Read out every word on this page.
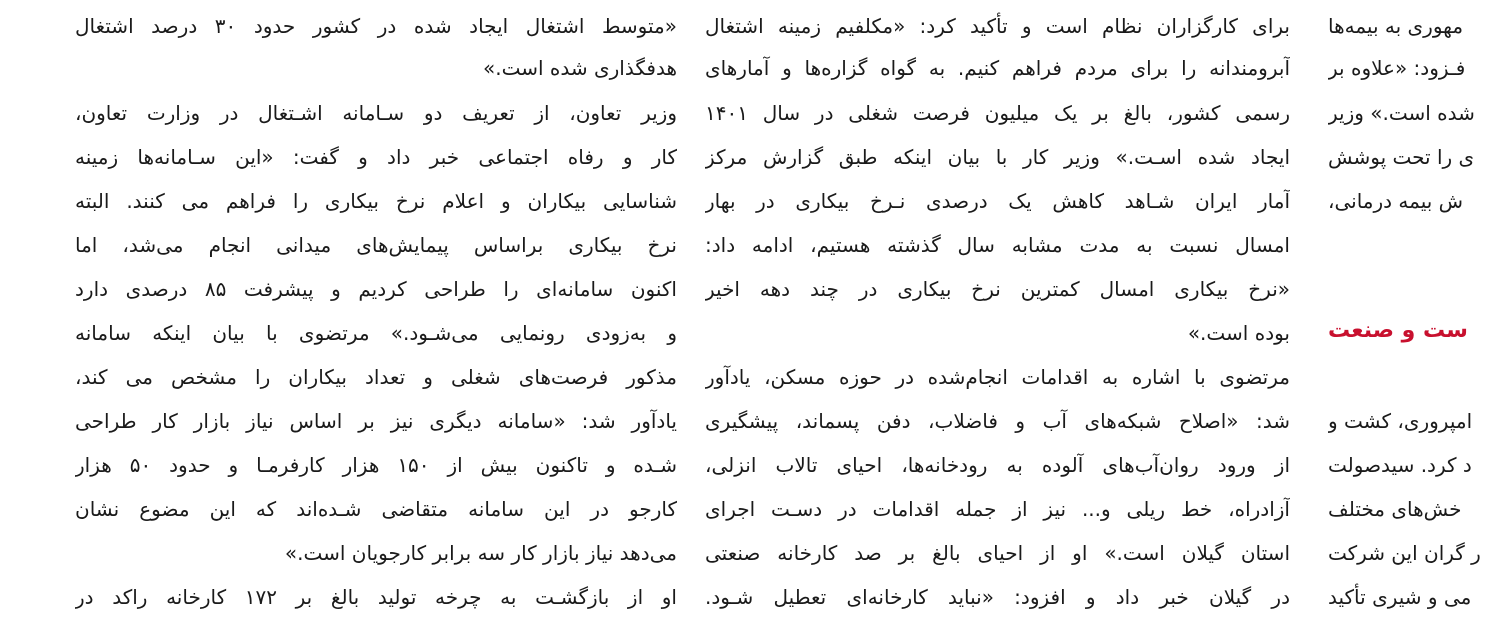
برای کارگزاران نظام است و تأکید کرد: «مکلفیم زمینه اشتغال
آبرومندانه را برای مردم فراهم کنیم. به گواه گزاره‌ها و آمارهای
رسمی کشور، بالغ بر یک میلیون فرصت شغلی در سال ۱۴۰۱
ایجاد شده اسـت.» وزیر کار با بیان اینکه طبق گزارش مرکز
آمار ایران شـاهد کاهش یک درصدی نـرخ بیکاری در بهار
امسال نسبت به مدت مشابه سال گذشته هستیم، ادامه داد:
«نرخ بیکاری امسال کمترین نرخ بیکاری در چند دهه اخیر
بوده است.»
مرتضوی با اشاره به اقدامات انجام‌شده در حوزه مسکن، یادآور
شد: «اصلاح شبکه‌های آب و فاضلاب، دفن پسماند، پیشگیری
از ورود روان‌آب‌های آلوده به رودخانه‌ها، احیای تالاب انزلی،
آزادراه، خط ریلی و... نیز از جمله اقدامات در دسـت اجرای
استان گیلان است.» او از احیای بالغ بر صد کارخانه صنعتی
در گیلان خبر داد و افزود: «نباید کارخانه‌ای تعطیل شـود.
«متوسط اشتغال ایجاد شده در کشور حدود ۳۰ درصد اشتغال
هدفگذاری شده است.»
وزیر تعاون، از تعریف دو سـامانه اشـتغال در وزارت تعاون،
کار و رفاه اجتماعی خبر داد و گفت: «این سـامانه‌ها زمینه
شناسایی بیکاران و اعلام نرخ بیکاری را فراهم می کنند. البته
نرخ بیکاری براساس پیمایش‌های میدانی انجام می‌شد، اما
اکنون سامانه‌ای را طراحی کردیم و پیشرفت ۸۵ درصدی دارد
و به‌زودی رونمایی می‌شـود.» مرتضوی با بیان اینکه سامانه
مذکور فرصت‌های شغلی و تعداد بیکاران را مشخص می کند،
یادآور شد: «سامانه دیگری نیز بر اساس نیاز بازار کار طراحی
شـده و تاکنون بیش از ۱۵۰ هزار کارفرمـا و حدود ۵۰ هزار
کارجو در این سامانه متقاضی شـده‌اند که این مضوع نشان
می‌دهد نیاز بازار کار سه برابر کارجویان است.»
او از بازگشـت به چرخه تولید بالغ بر ۱۷۲ کارخانه راکد در
مهوری به بیمه‌ها
فـزود: «علاوه بر
شده است.» وزیر
ی را تحت پوشش
ش بیمه درمانی،
ست و صنعت
امپروری، کشت و
د کرد. سیدصولت
خش‌های مختلف
ر گران این شرکت
می و شیری تأکید
